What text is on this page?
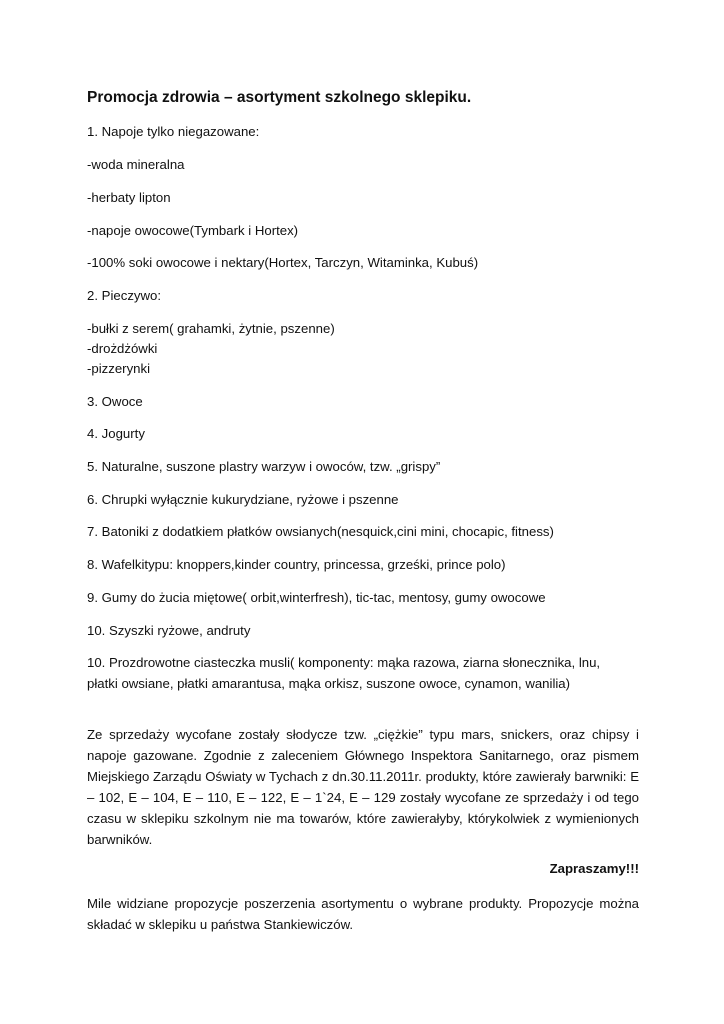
Promocja zdrowia – asortyment szkolnego sklepiku.
1. Napoje tylko niegazowane:
-woda mineralna
-herbaty lipton
-napoje owocowe(Tymbark i Hortex)
-100% soki owocowe i nektary(Hortex, Tarczyn, Witaminka, Kubuś)
2. Pieczywo:
-bułki z serem( grahamki, żytnie, pszenne)
-drożdżówki
-pizzerynki
3. Owoce
4. Jogurty
5. Naturalne, suszone plastry warzyw i owoców, tzw. „grispy”
6. Chrupki wyłącznie kukurydziane, ryżowe i pszenne
7. Batoniki z dodatkiem płatków owsianych(nesquick,cini mini, chocapic, fitness)
8. Wafelkitypu: knoppers,kinder country, princessa, grześki, prince polo)
9. Gumy do żucia miętowe( orbit,winterfresh), tic-tac, mentosy, gumy owocowe
10. Szyszki ryżowe, andruty
10. Prozdrowotne ciasteczka musli( komponenty: mąka razowa, ziarna słonecznika, lnu,
płatki owsiane, płatki amarantusa, mąka orkisz, suszone owoce, cynamon, wanilia)
Ze sprzedaży wycofane zostały słodycze tzw. „ciężkie” typu mars, snickers, oraz chipsy i napoje gazowane. Zgodnie z zaleceniem Głównego Inspektora Sanitarnego, oraz pismem Miejskiego Zarządu Oświaty w Tychach z dn.30.11.2011r. produkty, które zawierały barwniki: E – 102, E – 104, E – 110, E – 122, E – 1`24, E – 129 zostały wycofane ze sprzedaży i od tego czasu w sklepiku szkolnym nie ma towarów, które zawierałyby, którykolwiek z wymienionych barwników.
Zapraszamy!!!
Mile widziane propozycje poszerzenia asortymentu o wybrane produkty. Propozycje można składać w sklepiku u państwa Stankiewiczów.
